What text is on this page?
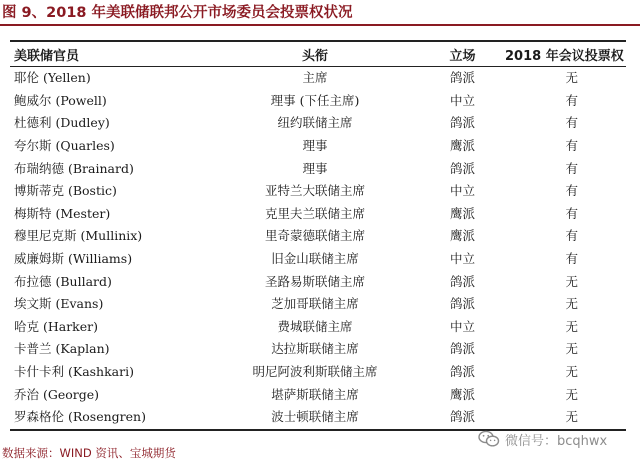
图 9、2018 年美联储联邦公开市场委员会投票权状况
美联储官员	头衔	立场	2018 年会议投票权
耶伦 (Yellen)	主席	鸽派	无
鲍威尔 (Powell)	理事 (下任主席)	中立	有
杜德利 (Dudley)	纽约联储主席	鸽派	有
夸尔斯 (Quarles)	理事	鹰派	有
布瑞纳德 (Brainard)	理事	鸽派	有
博斯蒂克 (Bostic)	亚特兰大联储主席	中立	有
梅斯特 (Mester)	克里夫兰联储主席	鹰派	有
穆里尼克斯 (Mullinix)	里奇蒙德联储主席	鹰派	有
威廉姆斯 (Williams)	旧金山联储主席	中立	有
布拉德 (Bullard)	圣路易斯联储主席	鸽派	无
埃文斯 (Evans)	芝加哥联储主席	鸽派	无
哈克 (Harker)	费城联储主席	中立	无
卡普兰 (Kaplan)	达拉斯联储主席	鸽派	无
卡什卡利 (Kashkari)	明尼阿波利斯联储主席	鸽派	无
乔治 (George)	堪萨斯联储主席	鹰派	无
罗森格伦 (Rosengren)	波士顿联储主席	鸽派	无
数据来源：WIND 资讯、宝城期货
微信号：bcqhwx
